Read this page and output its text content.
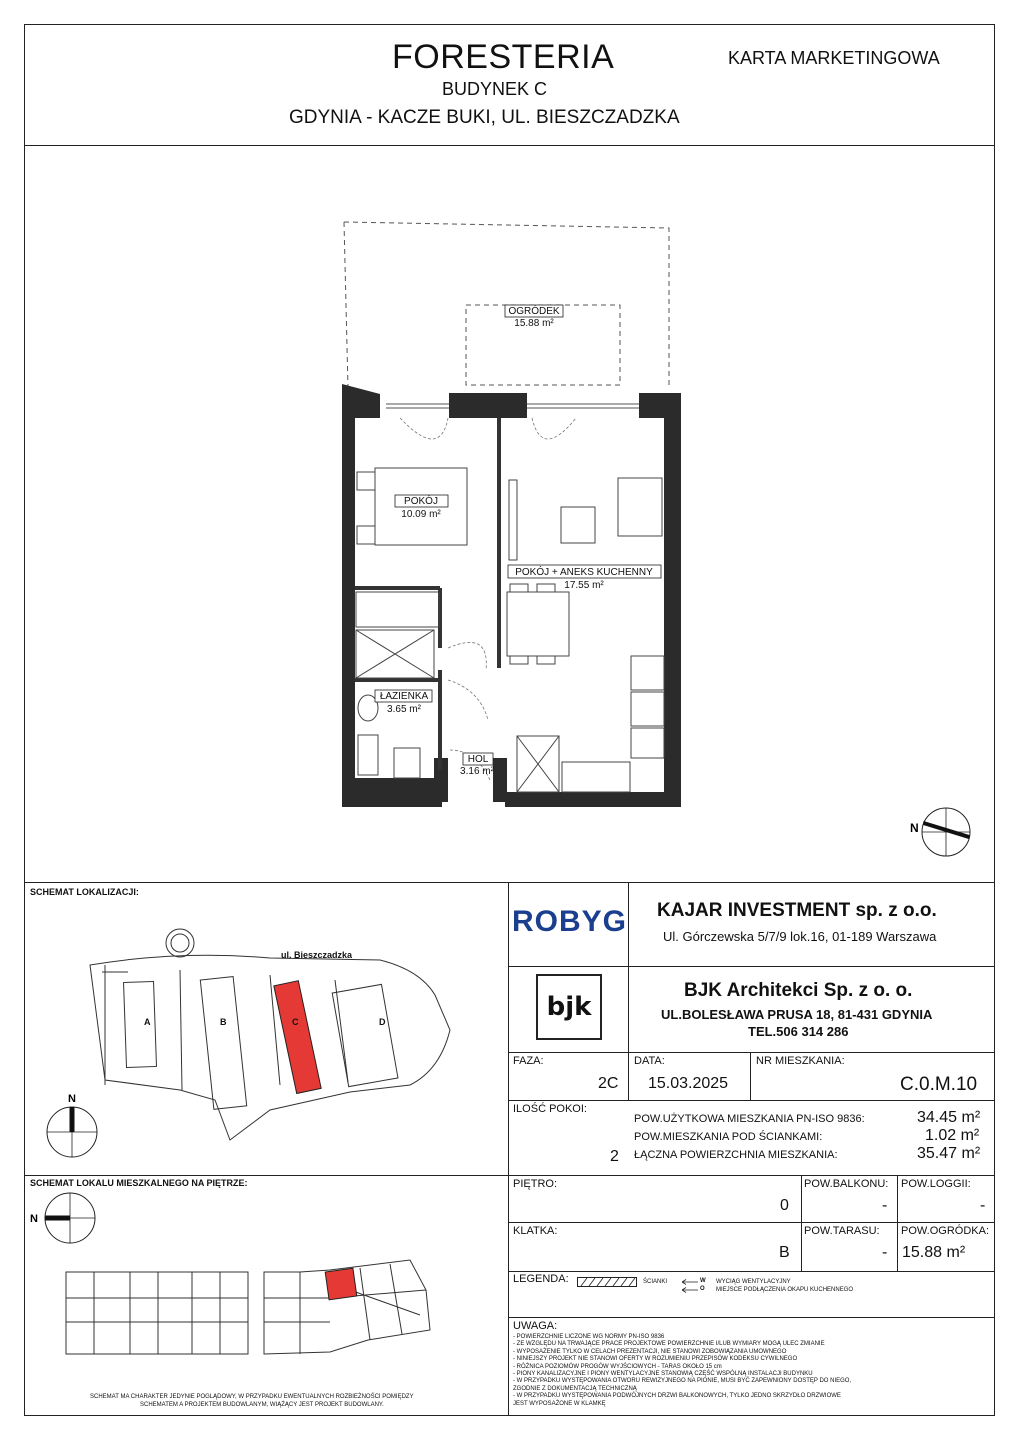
FORESTERIA
BUDYNEK C
GDYNIA - KACZE BUKI, UL. BIESZCZADZKA
KARTA MARKETINGOWA
OGRÓDEK
15.88 m²
POKÓJ
10.09 m²
POKÓJ + ANEKS KUCHENNY
17.55 m²
ŁAZIENKA
3.65 m²
HOL
3.16 m²
N
SCHEMAT LOKALIZACJI:
ul. Bieszczadzka
A	B	C	D
N
SCHEMAT LOKALU MIESZKALNEGO NA PIĘTRZE:
N
SCHEMAT MA CHARAKTER JEDYNIE POGLĄDOWY, W PRZYPADKU EWENTUALNYCH ROZBIEŻNOŚCI POMIĘDZY
SCHEMATEM A PROJEKTEM BUDOWLANYM, WIĄŻĄCY JEST PROJEKT BUDOWLANY.
ROBYG KAJAR INVESTMENT sp. z o.o.
Ul. Górczewska 5/7/9 lok.16, 01-189 Warszawa
bjk
BJK Architekci Sp. z o. o.
UL.BOLESŁAWA PRUSA 18, 81-431 GDYNIA
TEL.506 314 286
FAZA:
2C
DATA:
15.03.2025
NR MIESZKANIA:
C.0.M.10
ILOŚĆ POKOI:
2
POW.UŻYTKOWA MIESZKANIA PN-ISO 9836:	34.45 m²
POW.MIESZKANIA POD ŚCIANKAMI:	1.02 m²
ŁĄCZNA POWIERZCHNIA MIESZKANIA:	35.47 m²
PIĘTRO:
0
POW.BALKONU:
-
POW.LOGGII:
-
KLATKA:
B
POW.TARASU:
-
POW.OGRÓDKA:
15.88 m²
LEGENDA:	ŚCIANKI	W
O
WYCIĄG WENTYLACYJNY
MIEJSCE PODŁĄCZENIA OKAPU KUCHENNEGO
UWAGA:
- POWIERZCHNIE LICZONE WG NORMY PN-ISO 9836
- ZE WZGLĘDU NA TRWAJĄCE PRACE PROJEKTOWE POWIERZCHNIE I/LUB WYMIARY MOGĄ ULEC ZMIANIE
- WYPOSAŻENIE TYLKO W CELACH PREZENTACJI, NIE STANOWI ZOBOWIĄZANIA UMOWNEGO
- NINIEJSZY PROJEKT NIE STANOWI OFERTY W ROZUMIENIU PRZEPISÓW KODEKSU CYWILNEGO
- RÓŻNICA POZIOMÓW PROGÓW WYJŚCIOWYCH - TARAS OKOŁO 15 cm
- PIONY KANALIZACYJNE I PIONY WENTYLACYJNE STANOWIĄ CZĘŚĆ WSPÓLNĄ INSTALACJI BUDYNKU
- W PRZYPADKU WYSTĘPOWANIA OTWORU REWIZYJNEGO NA PIONIE, MUSI BYĆ ZAPEWNIONY DOSTĘP DO NIEGO,
ZGODNIE Z DOKUMENTACJĄ TECHNICZNĄ
- W PRZYPADKU WYSTĘPOWANIA PODWÓJNYCH DRZWI BALKONOWYCH, TYLKO JEDNO SKRZYDŁO DRZWIOWE
JEST WYPOSAŻONE W KLAMKĘ
